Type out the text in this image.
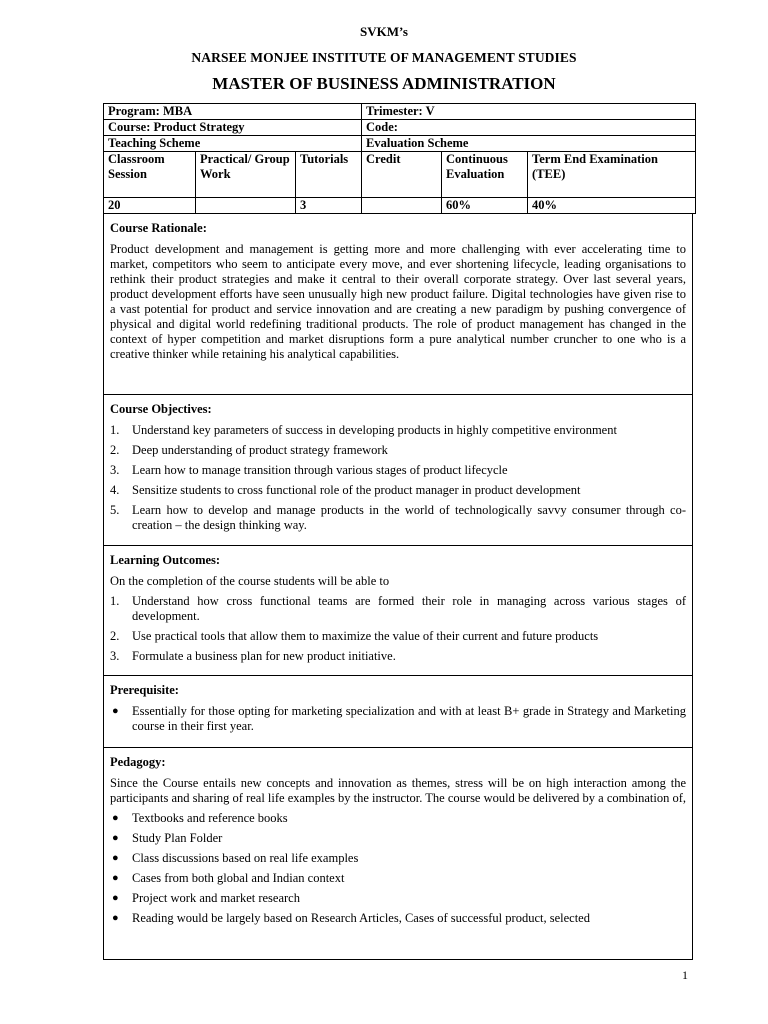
SVKM’s
NARSEE MONJEE INSTITUTE OF MANAGEMENT STUDIES
MASTER OF BUSINESS ADMINISTRATION
Program: MBA			Trimester: V		
Course: Product Strategy			Code:		
Teaching Scheme			Evaluation Scheme		
Classroom Session	Practical/ Group Work	Tutorials	Credit	Continuous Evaluation	Term End Examination (TEE)
20		3		60%	40%
Course Rationale:
Product development and management is getting more and more challenging with ever accelerating time to market, competitors who seem to anticipate every move, and ever shortening lifecycle, leading organisations to rethink their product strategies and make it central to their overall corporate strategy. Over last several years, product development efforts have seen unusually high new product failure. Digital technologies have given rise to a vast potential for product and service innovation and are creating a new paradigm by pushing convergence of physical and digital world redefining traditional products. The role of product management has changed in the context of hyper competition and market disruptions form a pure analytical number cruncher to one who is a creative thinker while retaining his analytical capabilities.
Course Objectives:
1. Understand key parameters of success in developing products in highly competitive environment
2. Deep understanding of product strategy framework
3. Learn how to manage transition through various stages of product lifecycle
4. Sensitize students to cross functional role of the product manager in product development
5. Learn how to develop and manage products in the world of technologically savvy consumer through co-creation – the design thinking way.
Learning Outcomes:
On the completion of the course students will be able to
1. Understand how cross functional teams are formed their role in managing across various stages of development.
2. Use practical tools that allow them to maximize the value of their current and future products
3. Formulate a business plan for new product initiative.
Prerequisite:
● Essentially for those opting for marketing specialization and with at least B+ grade in Strategy and Marketing course in their first year.
Pedagogy:
Since the Course entails new concepts and innovation as themes, stress will be on high interaction among the participants and sharing of real life examples by the instructor. The course would be delivered by a combination of,
● Textbooks and reference books
● Study Plan Folder
● Class discussions based on real life examples
● Cases from both global and Indian context
● Project work and market research
● Reading would be largely based on Research Articles, Cases of successful product, selected
1
